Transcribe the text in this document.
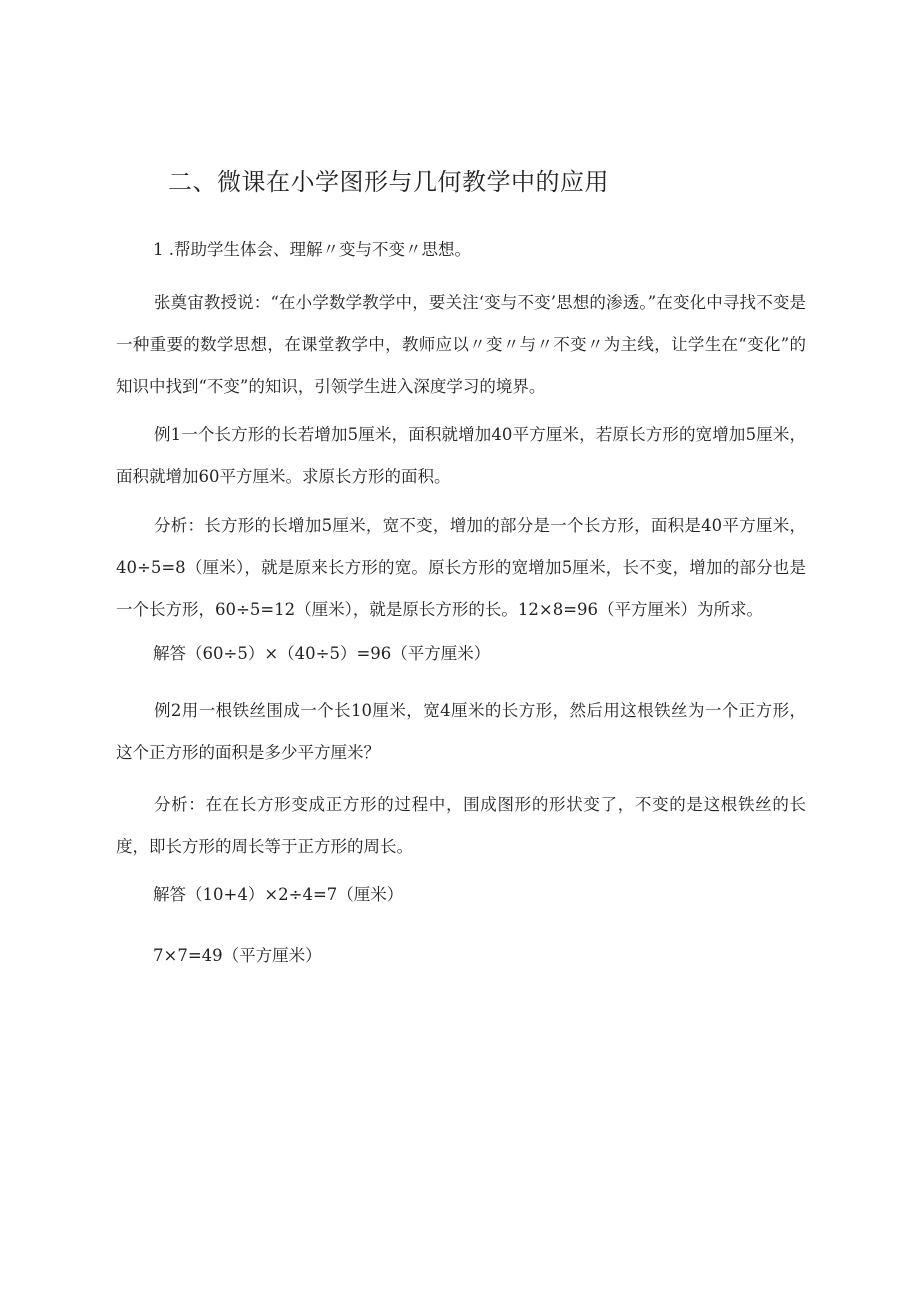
二、微课在小学图形与几何教学中的应用

1 .帮助学生体会、理解〃变与不变〃思想。

张奠宙教授说：“在小学数学教学中，要关注‘变与不变’思想的渗透。”在变化中寻找不变是一种重要的数学思想，在课堂教学中，教师应以〃变〃与〃不变〃为主线，让学生在“变化”的知识中找到“不变”的知识，引领学生进入深度学习的境界。

例1一个长方形的长若增加5厘米，面积就增加40平方厘米，若原长方形的宽增加5厘米，面积就增加60平方厘米。求原长方形的面积。

分析：长方形的长增加5厘米，宽不变，增加的部分是一个长方形，面积是40平方厘米，40÷5=8（厘米），就是原来长方形的宽。原长方形的宽增加5厘米，长不变，增加的部分也是一个长方形，60÷5=12（厘米），就是原长方形的长。12×8=96（平方厘米）为所求。

解答（60÷5）×（40÷5）=96（平方厘米）

例2用一根铁丝围成一个长10厘米，宽4厘米的长方形，然后用这根铁丝为一个正方形，这个正方形的面积是多少平方厘米？

分析：在在长方形变成正方形的过程中，围成图形的形状变了，不变的是这根铁丝的长度，即长方形的周长等于正方形的周长。

解答（10+4）×2÷4=7（厘米）

7×7=49（平方厘米）
